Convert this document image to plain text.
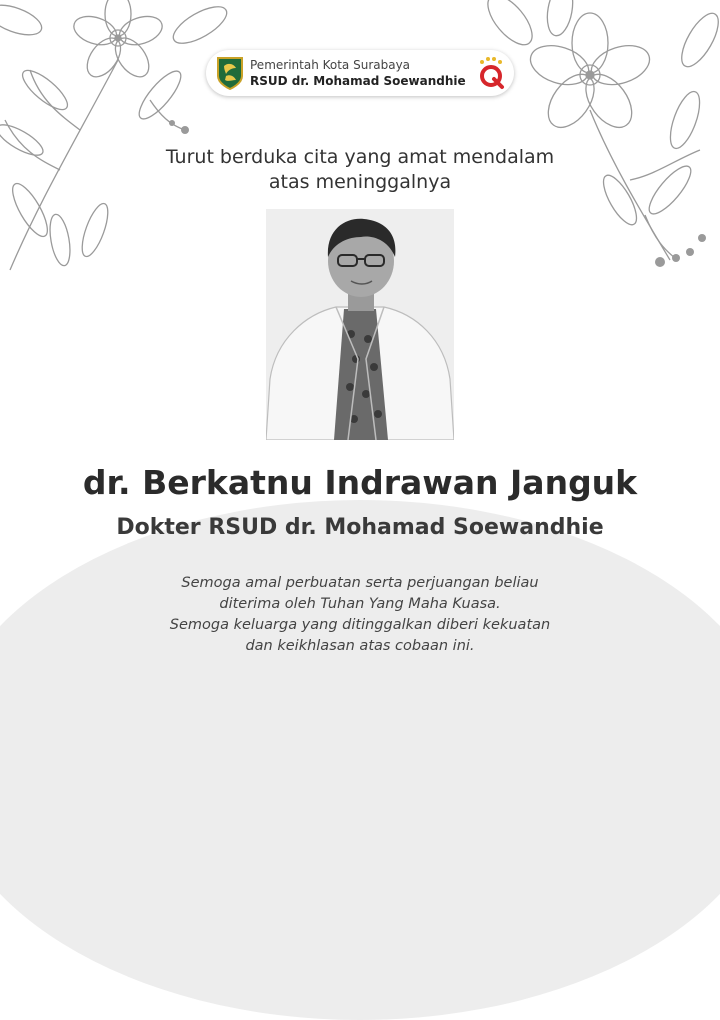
Pemerintah Kota Surabaya
RSUD dr. Mohamad Soewandhie
Turut berduka cita yang amat mendalam
atas meninggalnya
dr. Berkatnu Indrawan Janguk
Dokter RSUD dr. Mohamad Soewandhie
Semoga amal perbuatan serta perjuangan beliau
diterima oleh Tuhan Yang Maha Kuasa.
Semoga keluarga yang ditinggalkan diberi kekuatan
dan keikhlasan atas cobaan ini.
